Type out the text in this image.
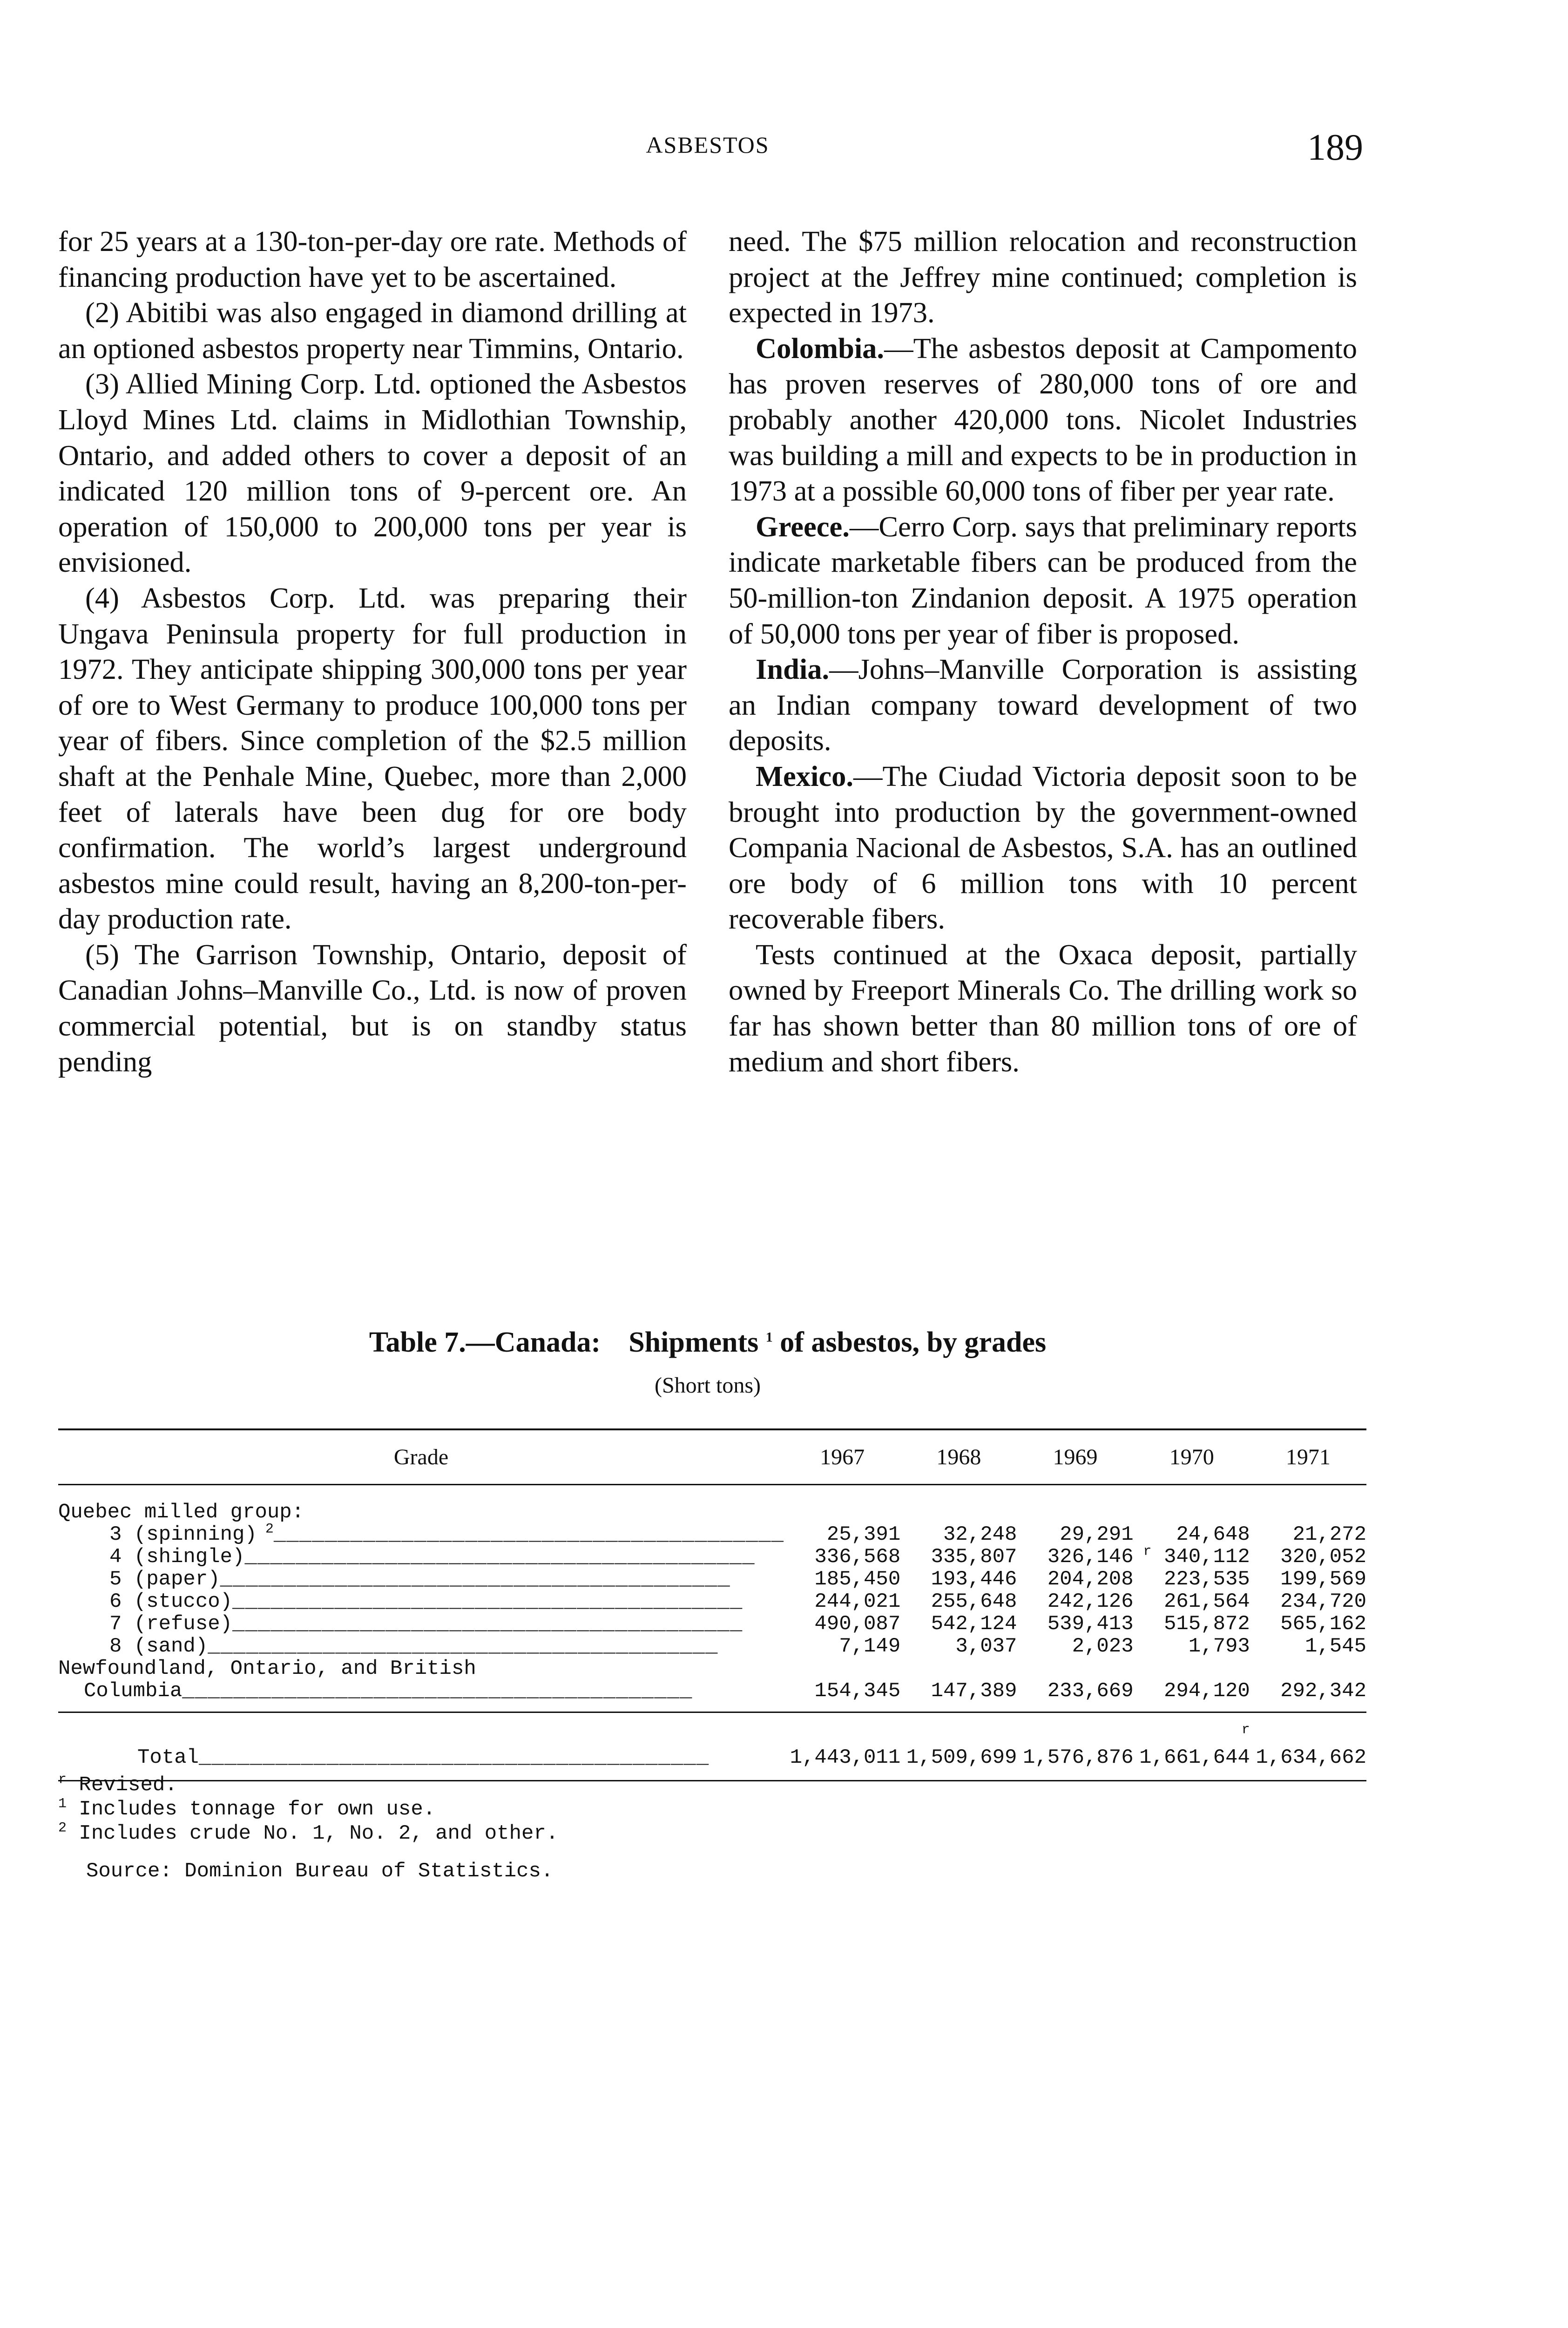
ASBESTOS	189

for 25 years at a 130-ton-per-day ore rate. Methods of financing production have yet to be ascertained.

(2) Abitibi was also engaged in diamond drilling at an optioned asbestos property near Timmins, Ontario.

(3) Allied Mining Corp. Ltd. optioned the Asbestos Lloyd Mines Ltd. claims in Midlothian Township, Ontario, and added others to cover a deposit of an indicated 120 million tons of 9-percent ore. An operation of 150,000 to 200,000 tons per year is envisioned.

(4) Asbestos Corp. Ltd. was preparing their Ungava Peninsula property for full production in 1972. They anticipate shipping 300,000 tons per year of ore to West Germany to produce 100,000 tons per year of fibers. Since completion of the $2.5 million shaft at the Penhale Mine, Quebec, more than 2,000 feet of laterals have been dug for ore body confirmation. The world’s largest underground asbestos mine could result, having an 8,200-ton-per-day production rate.

(5) The Garrison Township, Ontario, deposit of Canadian Johns–Manville Co., Ltd. is now of proven commercial potential, but is on standby status pending

need. The $75 million relocation and reconstruction project at the Jeffrey mine continued; completion is expected in 1973.

Colombia.—The asbestos deposit at Campomento has proven reserves of 280,000 tons of ore and probably another 420,000 tons. Nicolet Industries was building a mill and expects to be in production in 1973 at a possible 60,000 tons of fiber per year rate.

Greece.—Cerro Corp. says that preliminary reports indicate marketable fibers can be produced from the 50-million-ton Zindanion deposit. A 1975 operation of 50,000 tons per year of fiber is proposed.

India.—Johns–Manville Corporation is assisting an Indian company toward development of two deposits.

Mexico.—The Ciudad Victoria deposit soon to be brought into production by the government-owned Compania Nacional de Asbestos, S.A. has an outlined ore body of 6 million tons with 10 percent recoverable fibers.

Tests continued at the Oxaca deposit, partially owned by Freeport Minerals Co. The drilling work so far has shown better than 80 million tons of ore of medium and short fibers.

Table 7.—Canada: Shipments $^1$ of asbestos, by grades
(Short tons)
Grade	1967	1968	1969	1970	1971
Quebec milled group:					
3 (spinning) $^2$________________________________________	25,391	32,248	29,291	24,648	21,272
4 (shingle)________________________________________	336,568	335,807	326,146	$^r$ 340,112	320,052
5 (paper)________________________________________	185,450	193,446	204,208	223,535	199,569
6 (stucco)________________________________________	244,021	255,648	242,126	261,564	234,720
7 (refuse)________________________________________	490,087	542,124	539,413	515,872	565,162
8 (sand)________________________________________	7,149	3,037	2,023	1,793	1,545
Newfoundland, Ontario, and British					
Columbia________________________________________	154,345	147,389	233,669	294,120	292,342

Total________________________________________	1,443,011	1,509,699	1,576,876	$^r$ 1,661,644	1,634,662
$^r$ Revised.
$^1$ Includes tonnage for own use.
$^2$ Includes crude No. 1, No. 2, and other.
Source: Dominion Bureau of Statistics.
